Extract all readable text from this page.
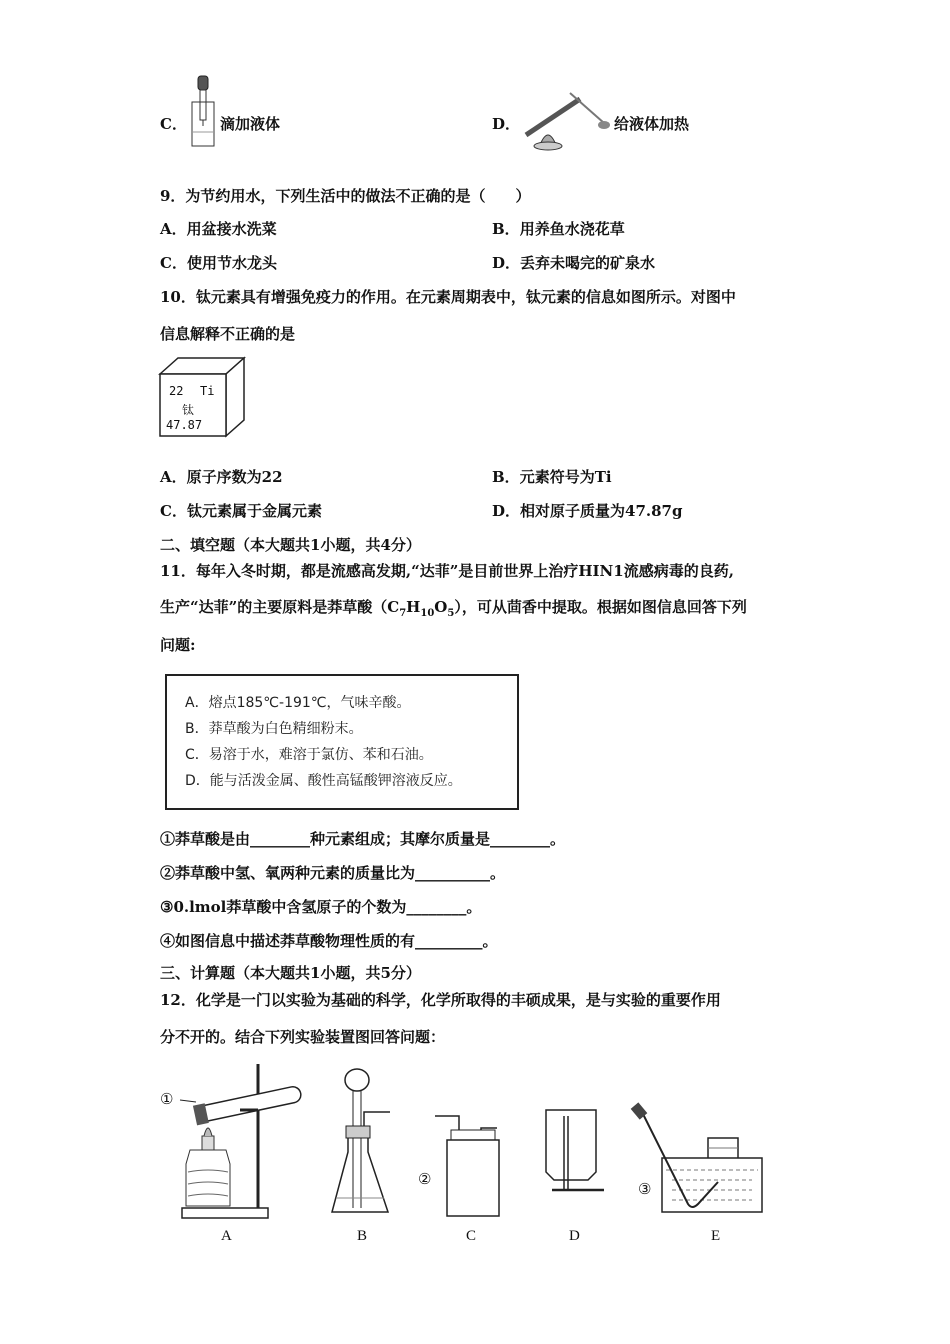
C． 滴加液体	D．	给液体加热
9．为节约用水，下列生活中的做法不正确的是（　　）
A．用盆接水洗菜	B．用养鱼水浇花草
C．使用节水龙头	D．丢弃未喝完的矿泉水
10．钛元素具有增强免疫力的作用。在元素周期表中，钛元素的信息如图所示。对图中
信息解释不正确的是
22 Ti
钛
47.87
A．原子序数为22	B．元素符号为Ti
C．钛元素属于金属元素	D．相对原子质量为47.87g
二、填空题（本大题共1小题，共4分）
11．每年入冬时期，都是流感高发期,“达菲”是目前世界上治疗HIN1流感病毒的良药,
生产“达菲”的主要原料是莽草酸$(C_7H_{10}O_5)$，可从茴香中提取。根据如图信息回答下列
问题:
A．熔点185℃-191℃，气味辛酸。
B．莽草酸为白色精细粉末。
C．易溶于水，难溶于氯仿、苯和石油。
D．能与活泼金属、酸性高锰酸钾溶液反应。
①莽草酸是由________种元素组成；其摩尔质量是________。
②莽草酸中氢、氧两种元素的质量比为__________。
③0.lmol莽草酸中含氢原子的个数为________。
④如图信息中描述莽草酸物理性质的有_________。
三、计算题（本大题共1小题，共5分）
12．化学是一门以实验为基础的科学，化学所取得的丰硕成果，是与实验的重要作用
分不开的。结合下列实验装置图回答问题：
①
A	B
②
C	D
③
E
